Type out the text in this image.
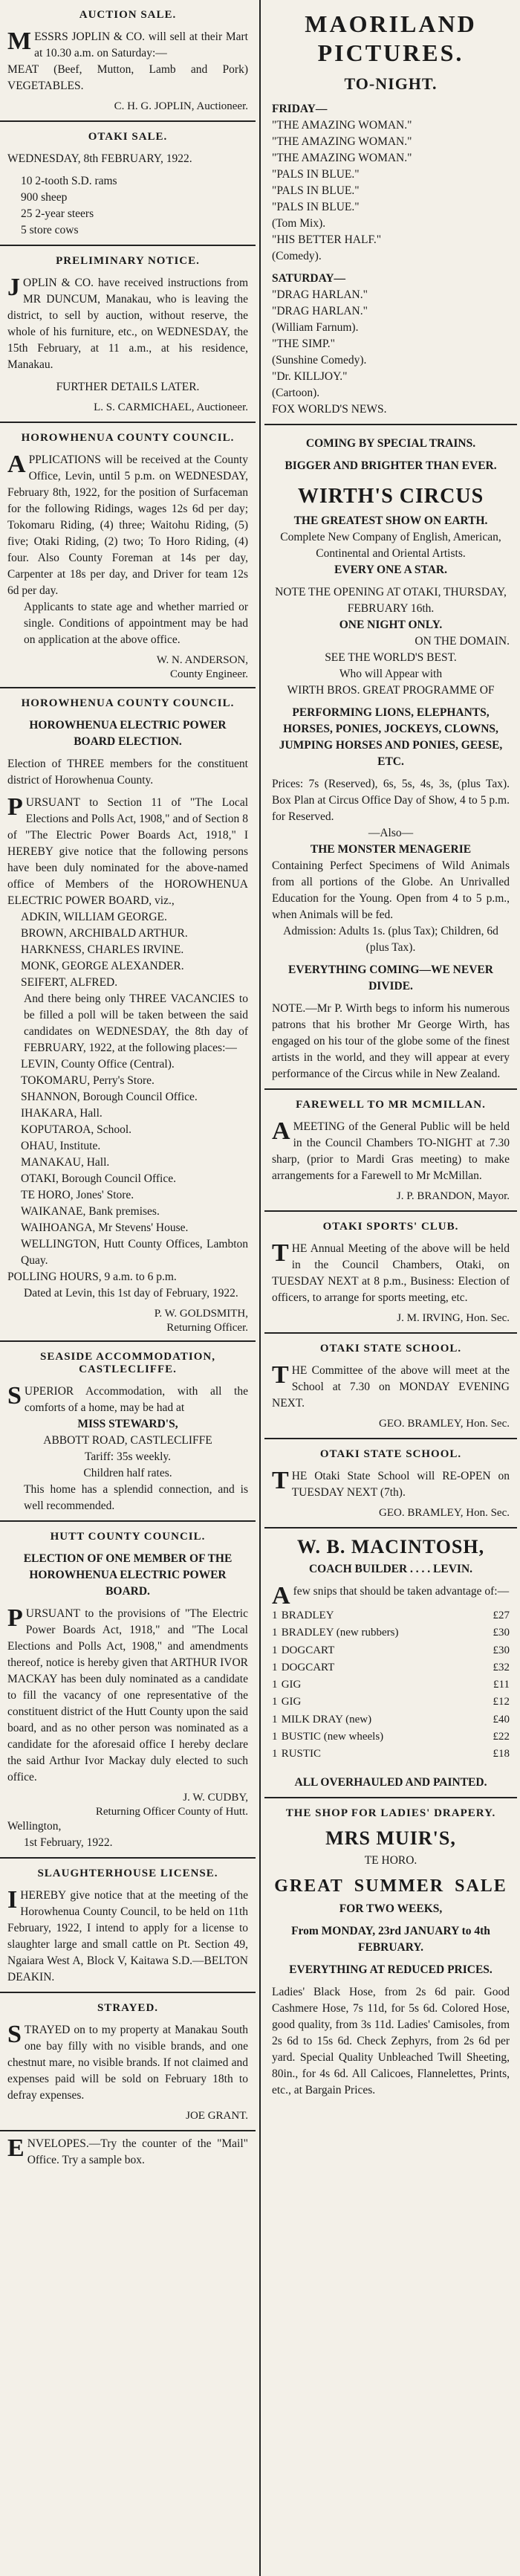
AUCTION SALE.

MESSRS JOPLIN & CO. will sell at their Mart at 10.30 a.m. on Saturday:—

MEAT (Beef, Mutton, Lamb and Pork) VEGETABLES.

C. H. G. JOPLIN, Auctioneer.
OTAKI SALE.

WEDNESDAY, 8th FEBRUARY, 1922.

10 2-tooth S.D. rams

900 sheep

25 2-year steers

5 store cows

PRELIMINARY NOTICE.

JOPLIN & CO. have received instructions from MR DUNCUM, Manakau, who is leaving the district, to sell by auction, without reserve, the whole of his furniture, etc., on WEDNESDAY, the 15th February, at 11 a.m., at his residence, Manakau.

FURTHER DETAILS LATER.

L. S. CARMICHAEL, Auctioneer.
HOROWHENUA COUNTY COUNCIL.

APPLICATIONS will be received at the County Office, Levin, until 5 p.m. on WEDNESDAY, February 8th, 1922, for the position of Surfaceman for the following Ridings, wages 12s 6d per day; Tokomaru Riding, (4) three; Waitohu Riding, (5) five; Otaki Riding, (2) two; To Horo Riding, (4) four. Also County Foreman at 14s per day, Carpenter at 18s per day, and Driver for team 12s 6d per day.

Applicants to state age and whether married or single. Conditions of appointment may be had on application at the above office.

W. N. ANDERSON,
County Engineer.
HOROWHENUA COUNTY COUNCIL.

HOROWHENUA ELECTRIC POWER BOARD ELECTION.

Election of THREE members for the constituent district of Horowhenua County.

PURSUANT to Section 11 of "The Local Elections and Polls Act, 1908," and of Section 8 of "The Electric Power Boards Act, 1918," I HEREBY give notice that the following persons have been duly nominated for the above-named office of Members of the HOROWHENUA ELECTRIC POWER BOARD, viz.,

ADKIN, WILLIAM GEORGE.

BROWN, ARCHIBALD ARTHUR.

HARKNESS, CHARLES IRVINE.

MONK, GEORGE ALEXANDER.

SEIFERT, ALFRED.

And there being only THREE VACANCIES to be filled a poll will be taken between the said candidates on WEDNESDAY, the 8th day of FEBRUARY, 1922, at the following places:—

LEVIN, County Office (Central).

TOKOMARU, Perry's Store.

SHANNON, Borough Council Office.

IHAKARA, Hall.

KOPUTAROA, School.

OHAU, Institute.

MANAKAU, Hall.

OTAKI, Borough Council Office.

TE HORO, Jones' Store.

WAIKANAE, Bank premises.

WAIHOANGA, Mr Stevens' House.

WELLINGTON, Hutt County Offices, Lambton Quay.

POLLING HOURS, 9 a.m. to 6 p.m.

Dated at Levin, this 1st day of February, 1922.

P. W. GOLDSMITH,
Returning Officer.
SEASIDE ACCOMMODATION, CASTLECLIFFE.

SUPERIOR Accommodation, with all the comforts of a home, may be had at

MISS STEWARD'S,

ABBOTT ROAD, CASTLECLIFFE

Tariff: 35s weekly.

Children half rates.

This home has a splendid connection, and is well recommended.

HUTT COUNTY COUNCIL.

ELECTION OF ONE MEMBER OF THE HOROWHENUA ELECTRIC POWER BOARD.

PURSUANT to the provisions of "The Electric Power Boards Act, 1918," and "The Local Elections and Polls Act, 1908," and amendments thereof, notice is hereby given that ARTHUR IVOR MACKAY has been duly nominated as a candidate to fill the vacancy of one representative of the constituent district of the Hutt County upon the said board, and as no other person was nominated as a candidate for the aforesaid office I hereby declare the said Arthur Ivor Mackay duly elected to such office.

J. W. CUDBY,
Returning Officer County of Hutt.

Wellington,

1st February, 1922.

SLAUGHTERHOUSE LICENSE.

IHEREBY give notice that at the meeting of the Horowhenua County Council, to be held on 11th February, 1922, I intend to apply for a license to slaughter large and small cattle on Pt. Section 49, Ngaiara West A, Block V, Kaitawa S.D.—BELTON DEAKIN.

STRAYED.

STRAYED on to my property at Manakau South one bay filly with no visible brands, and one chestnut mare, no visible brands. If not claimed and expenses paid will be sold on February 18th to defray expenses.

JOE GRANT.

ENVELOPES.—Try the counter of the "Mail" Office. Try a sample box.

MAORILAND
PICTURES.
TO-NIGHT.

FRIDAY—

"THE AMAZING WOMAN."

"THE AMAZING WOMAN."

"THE AMAZING WOMAN."

"PALS IN BLUE."

"PALS IN BLUE."

"PALS IN BLUE."

(Tom Mix).

"HIS BETTER HALF."

(Comedy).

SATURDAY—

"DRAG HARLAN."

"DRAG HARLAN."

(William Farnum).

"THE SIMP."

(Sunshine Comedy).

"Dr. KILLJOY."

(Cartoon).

FOX WORLD'S NEWS.

COMING BY SPECIAL TRAINS.

BIGGER AND BRIGHTER THAN EVER.

WIRTH'S CIRCUS

THE GREATEST SHOW ON EARTH.

Complete New Company of English, American, Continental and Oriental Artists.

EVERY ONE A STAR.

NOTE THE OPENING AT OTAKI, THURSDAY, FEBRUARY 16th.

ONE NIGHT ONLY.

ON THE DOMAIN.

SEE THE WORLD'S BEST.

Who will Appear with

WIRTH BROS. GREAT PROGRAMME OF

PERFORMING LIONS, ELEPHANTS, HORSES, PONIES, JOCKEYS, CLOWNS, JUMPING HORSES AND PONIES, GEESE, ETC.

Prices: 7s (Reserved), 6s, 5s, 4s, 3s, (plus Tax). Box Plan at Circus Office Day of Show, 4 to 5 p.m. for Reserved.

—Also—

THE MONSTER MENAGERIE

Containing Perfect Specimens of Wild Animals from all portions of the Globe. An Unrivalled Education for the Young. Open from 4 to 5 p.m., when Animals will be fed.

Admission: Adults 1s. (plus Tax); Children, 6d (plus Tax).

EVERYTHING COMING—WE NEVER DIVIDE.

NOTE.—Mr P. Wirth begs to inform his numerous patrons that his brother Mr George Wirth, has engaged on his tour of the globe some of the finest artists in the world, and they will appear at every performance of the Circus while in New Zealand.

FAREWELL TO MR MCMILLAN.

AMEETING of the General Public will be held in the Council Chambers TO-NIGHT at 7.30 sharp, (prior to Mardi Gras meeting) to make arrangements for a Farewell to Mr McMillan.

J. P. BRANDON, Mayor.
OTAKI SPORTS' CLUB.

THE Annual Meeting of the above will be held in the Council Chambers, Otaki, on TUESDAY NEXT at 8 p.m., Business: Election of officers, to arrange for sports meeting, etc.

J. M. IRVING, Hon. Sec.
OTAKI STATE SCHOOL.

THE Committee of the above will meet at the School at 7.30 on MONDAY EVENING NEXT.

GEO. BRAMLEY, Hon. Sec.
OTAKI STATE SCHOOL.

THE Otaki State School will RE-OPEN on TUESDAY NEXT (7th).

GEO. BRAMLEY, Hon. Sec.
W. B. MACINTOSH,

COACH BUILDER . . . . LEVIN.

Afew snips that should be taken advantage of:—

1	BRADLEY	£27
1	BRADLEY (new rubbers)	£30
1	DOGCART	£30
1	DOGCART	£32
1	GIG	£11
1	GIG	£12
1	MILK DRAY (new)	£40
1	BUSTIC (new wheels)	£22
1	RUSTIC	£18

ALL OVERHAULED AND PAINTED.

THE SHOP FOR LADIES' DRAPERY.
MRS MUIR'S,

TE HORO.

GREAT SUMMER SALE

FOR TWO WEEKS,

From MONDAY, 23rd JANUARY to 4th FEBRUARY.

EVERYTHING AT REDUCED PRICES.

Ladies' Black Hose, from 2s 6d pair. Good Cashmere Hose, 7s 11d, for 5s 6d. Colored Hose, good quality, from 3s 11d. Ladies' Camisoles, from 2s 6d to 15s 6d. Check Zephyrs, from 2s 6d per yard. Special Quality Unbleached Twill Sheeting, 80in., for 4s 6d. All Calicoes, Flannelettes, Prints, etc., at Bargain Prices.
